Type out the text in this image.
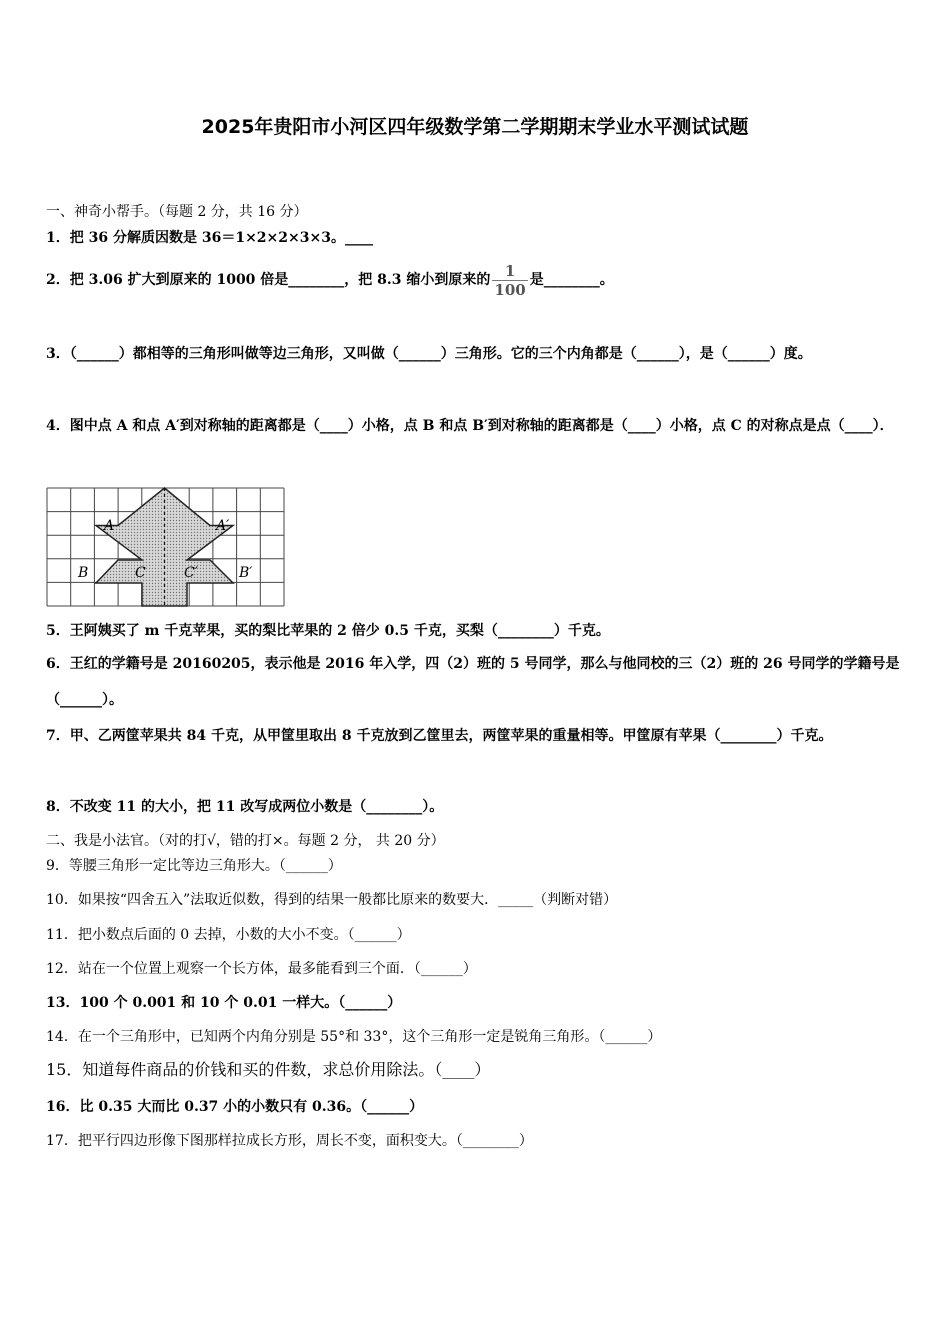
2025年贵阳市小河区四年级数学第二学期期末学业水平测试试题
一、神奇小帮手。（每题 2 分，共 16 分）
1．把 36 分解质因数是 36＝1×2×2×3×3。____
2．把 3.06 扩大到原来的 1000 倍是________，把 8.3 缩小到原来的 $\frac{1}{100}$ 是________。
3．（______）都相等的三角形叫做等边三角形，又叫做（______）三角形。它的三个内角都是（______），是（______）度。
4．图中点 A 和点 A′到对称轴的距离都是（____）小格，点 B 和点 B′到对称轴的距离都是（____）小格，点 C 的对称点是点（____）．
A	A′
B	C	C′	B′
5．王阿姨买了 m 千克苹果，买的梨比苹果的 2 倍少 0.5 千克，买梨（________）千克。
6．王红的学籍号是 20160205，表示他是 2016 年入学，四（2）班的 5 号同学，那么与他同校的三（2）班的 26 号同学的学籍号是（______）。
7．甲、乙两筐苹果共 84 千克，从甲筐里取出 8 千克放到乙筐里去，两筐苹果的重量相等。甲筐原有苹果（________）千克。
8．不改变 11 的大小，把 11 改写成两位小数是（________）。
二、我是小法官。（对的打√，错的打×。每题 2 分， 共 20 分）
9．等腰三角形一定比等边三角形大。（______）
10．如果按“四舍五入”法取近似数，得到的结果一般都比原来的数要大．_____（判断对错）
11．把小数点后面的 0 去掉，小数的大小不变。（______）
12．站在一个位置上观察一个长方体，最多能看到三个面．（______）
13．100 个 0.001 和 10 个 0.01 一样大。（______）
14．在一个三角形中，已知两个内角分别是 55°和 33°，这个三角形一定是锐角三角形。（______）
15．知道每件商品的价钱和买的件数，求总价用除法。（____）
16．比 0.35 大而比 0.37 小的小数只有 0.36。（______）
17．把平行四边形像下图那样拉成长方形，周长不变，面积变大。（________）
